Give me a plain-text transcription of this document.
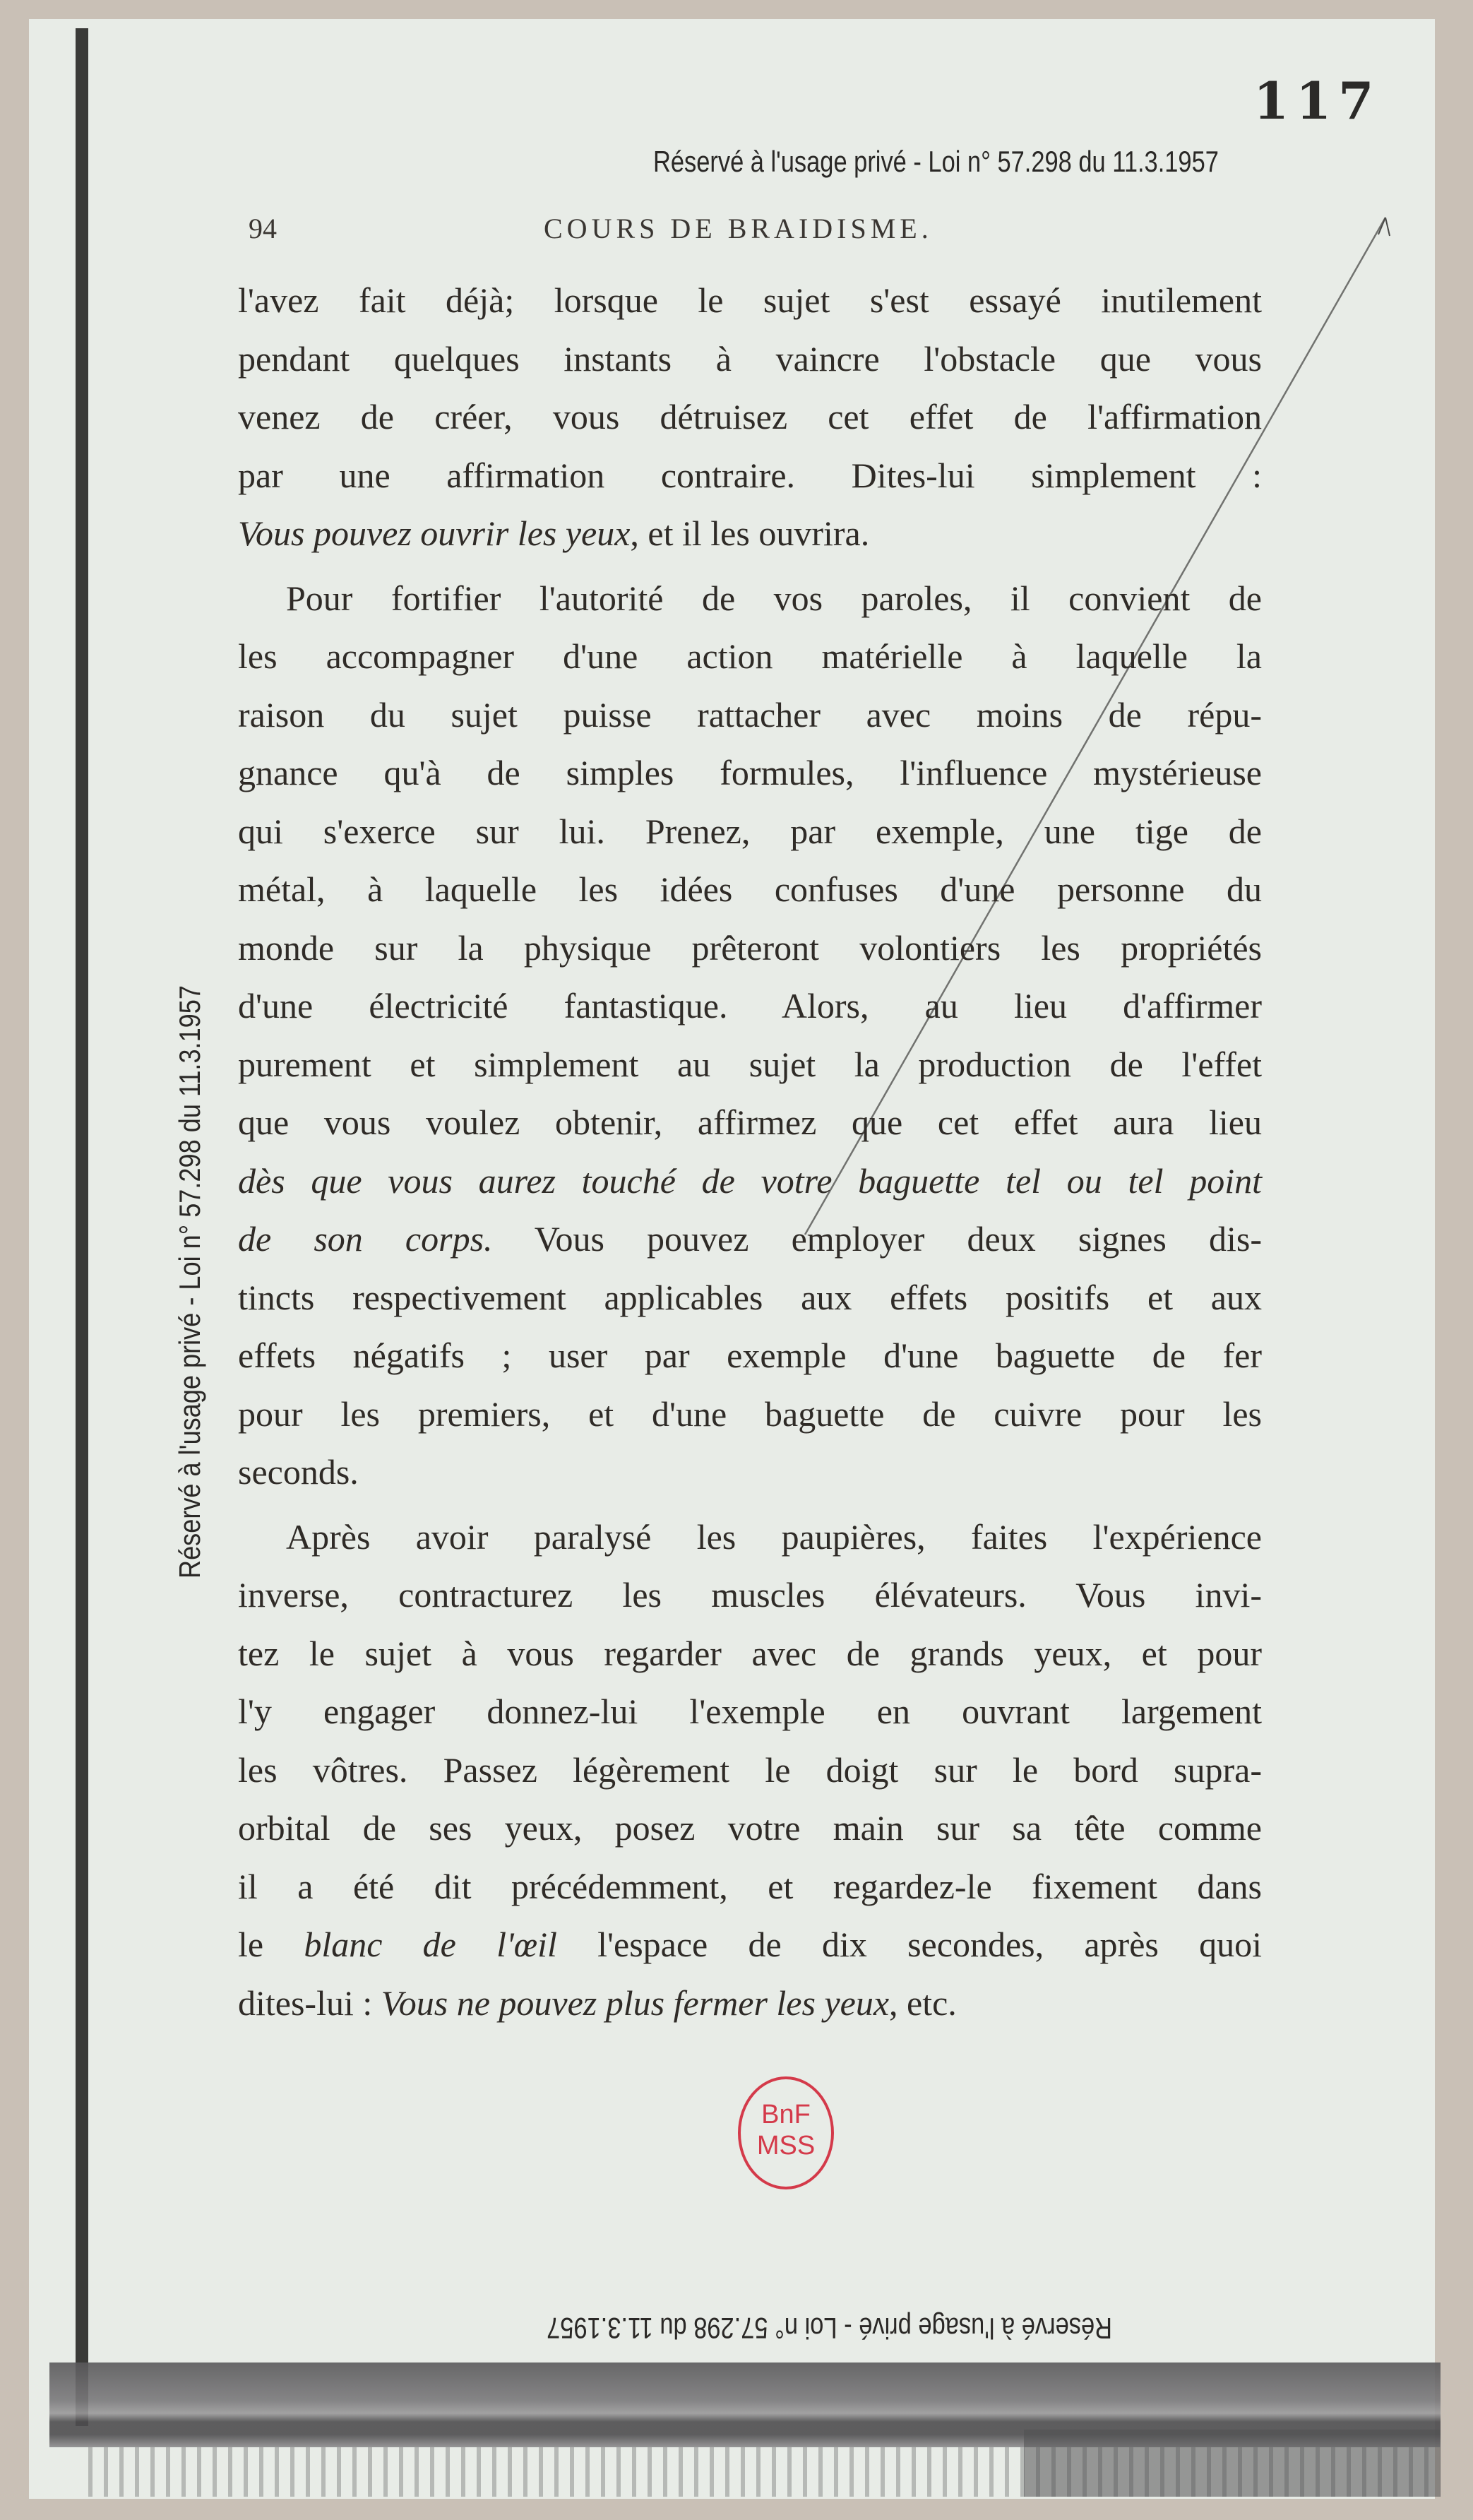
117
94	COURS DE BRAIDISME.
Réservé à l'usage privé - Loi n° 57.298 du 11.3.1957
Réservé à l'usage privé - Loi n° 57.298 du 11.3.1957
Réservé à l'usage privé - Loi n° 57.298 du 11.3.1957
l'avez fait déjà; lorsque le sujet s'est essayé inutilement
pendant quelques instants à vaincre l'obstacle que vous
venez de créer, vous détruisez cet effet de l'affirmation
par une affirmation contraire. Dites-lui simplement :
Vous pouvez ouvrir les yeux, et il les ouvrira.
Pour fortifier l'autorité de vos paroles, il convient de
les accompagner d'une action matérielle à laquelle la
raison du sujet puisse rattacher avec moins de répu-
gnance qu'à de simples formules, l'influence mystérieuse
qui s'exerce sur lui. Prenez, par exemple, une tige de
métal, à laquelle les idées confuses d'une personne du
monde sur la physique prêteront volontiers les propriétés
d'une électricité fantastique. Alors, au lieu d'affirmer
purement et simplement au sujet la production de l'effet
que vous voulez obtenir, affirmez que cet effet aura lieu
dès que vous aurez touché de votre baguette tel ou tel point
de son corps. Vous pouvez employer deux signes dis-
tincts respectivement applicables aux effets positifs et aux
effets négatifs ; user par exemple d'une baguette de fer
pour les premiers, et d'une baguette de cuivre pour les
seconds.
Après avoir paralysé les paupières, faites l'expérience
inverse, contracturez les muscles élévateurs. Vous invi-
tez le sujet à vous regarder avec de grands yeux, et pour
l'y engager donnez-lui l'exemple en ouvrant largement
les vôtres. Passez légèrement le doigt sur le bord supra-
orbital de ses yeux, posez votre main sur sa tête comme
il a été dit précédemment, et regardez-le fixement dans
le blanc de l'œil l'espace de dix secondes, après quoi
dites-lui : Vous ne pouvez plus fermer les yeux, etc.
BnF
MSS
